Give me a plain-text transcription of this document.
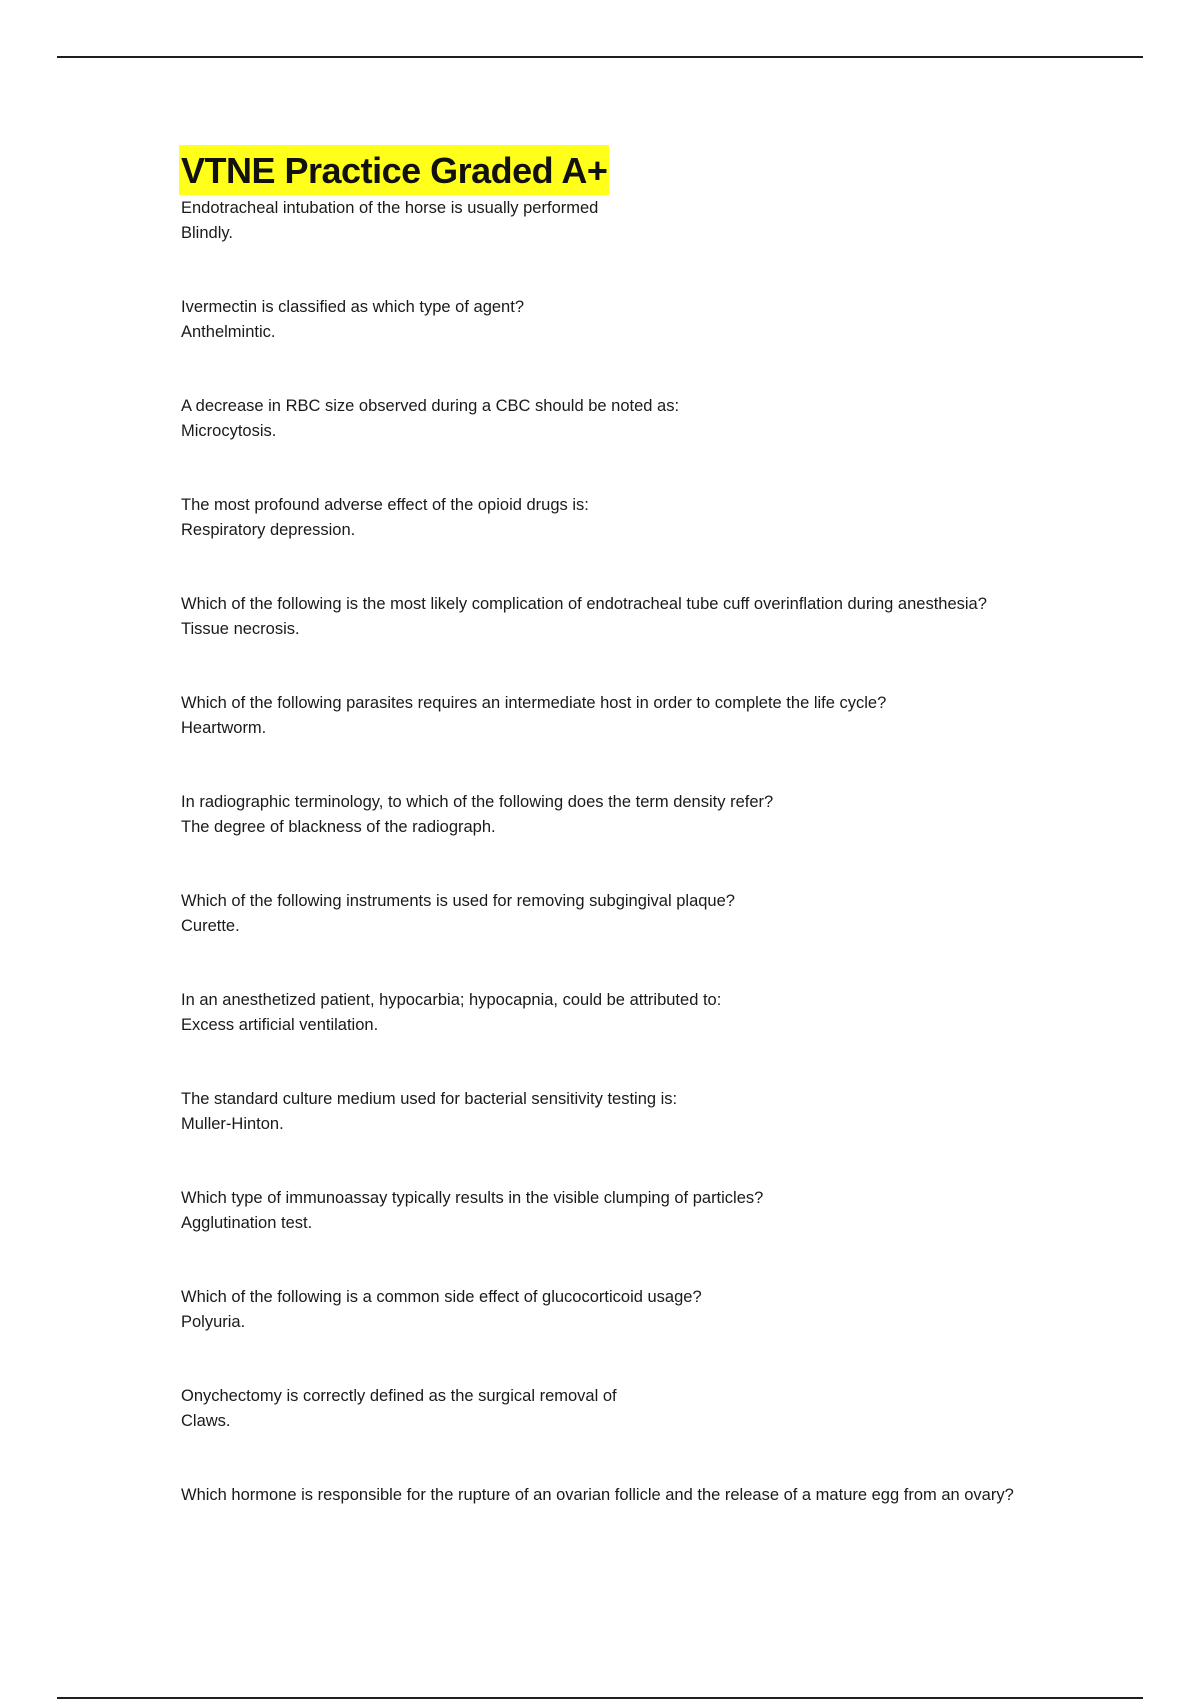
VTNE Practice Graded A+

Endotracheal intubation of the horse is usually performed

Blindly.

Ivermectin is classified as which type of agent?

Anthelmintic.

A decrease in RBC size observed during a CBC should be noted as:

Microcytosis.

The most profound adverse effect of the opioid drugs is:

Respiratory depression.

Which of the following is the most likely complication of endotracheal tube cuff overinflation during anesthesia?

Tissue necrosis.

Which of the following parasites requires an intermediate host in order to complete the life cycle?

Heartworm.

In radiographic terminology, to which of the following does the term density refer?

The degree of blackness of the radiograph.

Which of the following instruments is used for removing subgingival plaque?

Curette.

In an anesthetized patient, hypocarbia; hypocapnia, could be attributed to:

Excess artificial ventilation.

The standard culture medium used for bacterial sensitivity testing is:

Muller-Hinton.

Which type of immunoassay typically results in the visible clumping of particles?

Agglutination test.

Which of the following is a common side effect of glucocorticoid usage?

Polyuria.

Onychectomy is correctly defined as the surgical removal of

Claws.

Which hormone is responsible for the rupture of an ovarian follicle and the release of a mature egg from an ovary?
